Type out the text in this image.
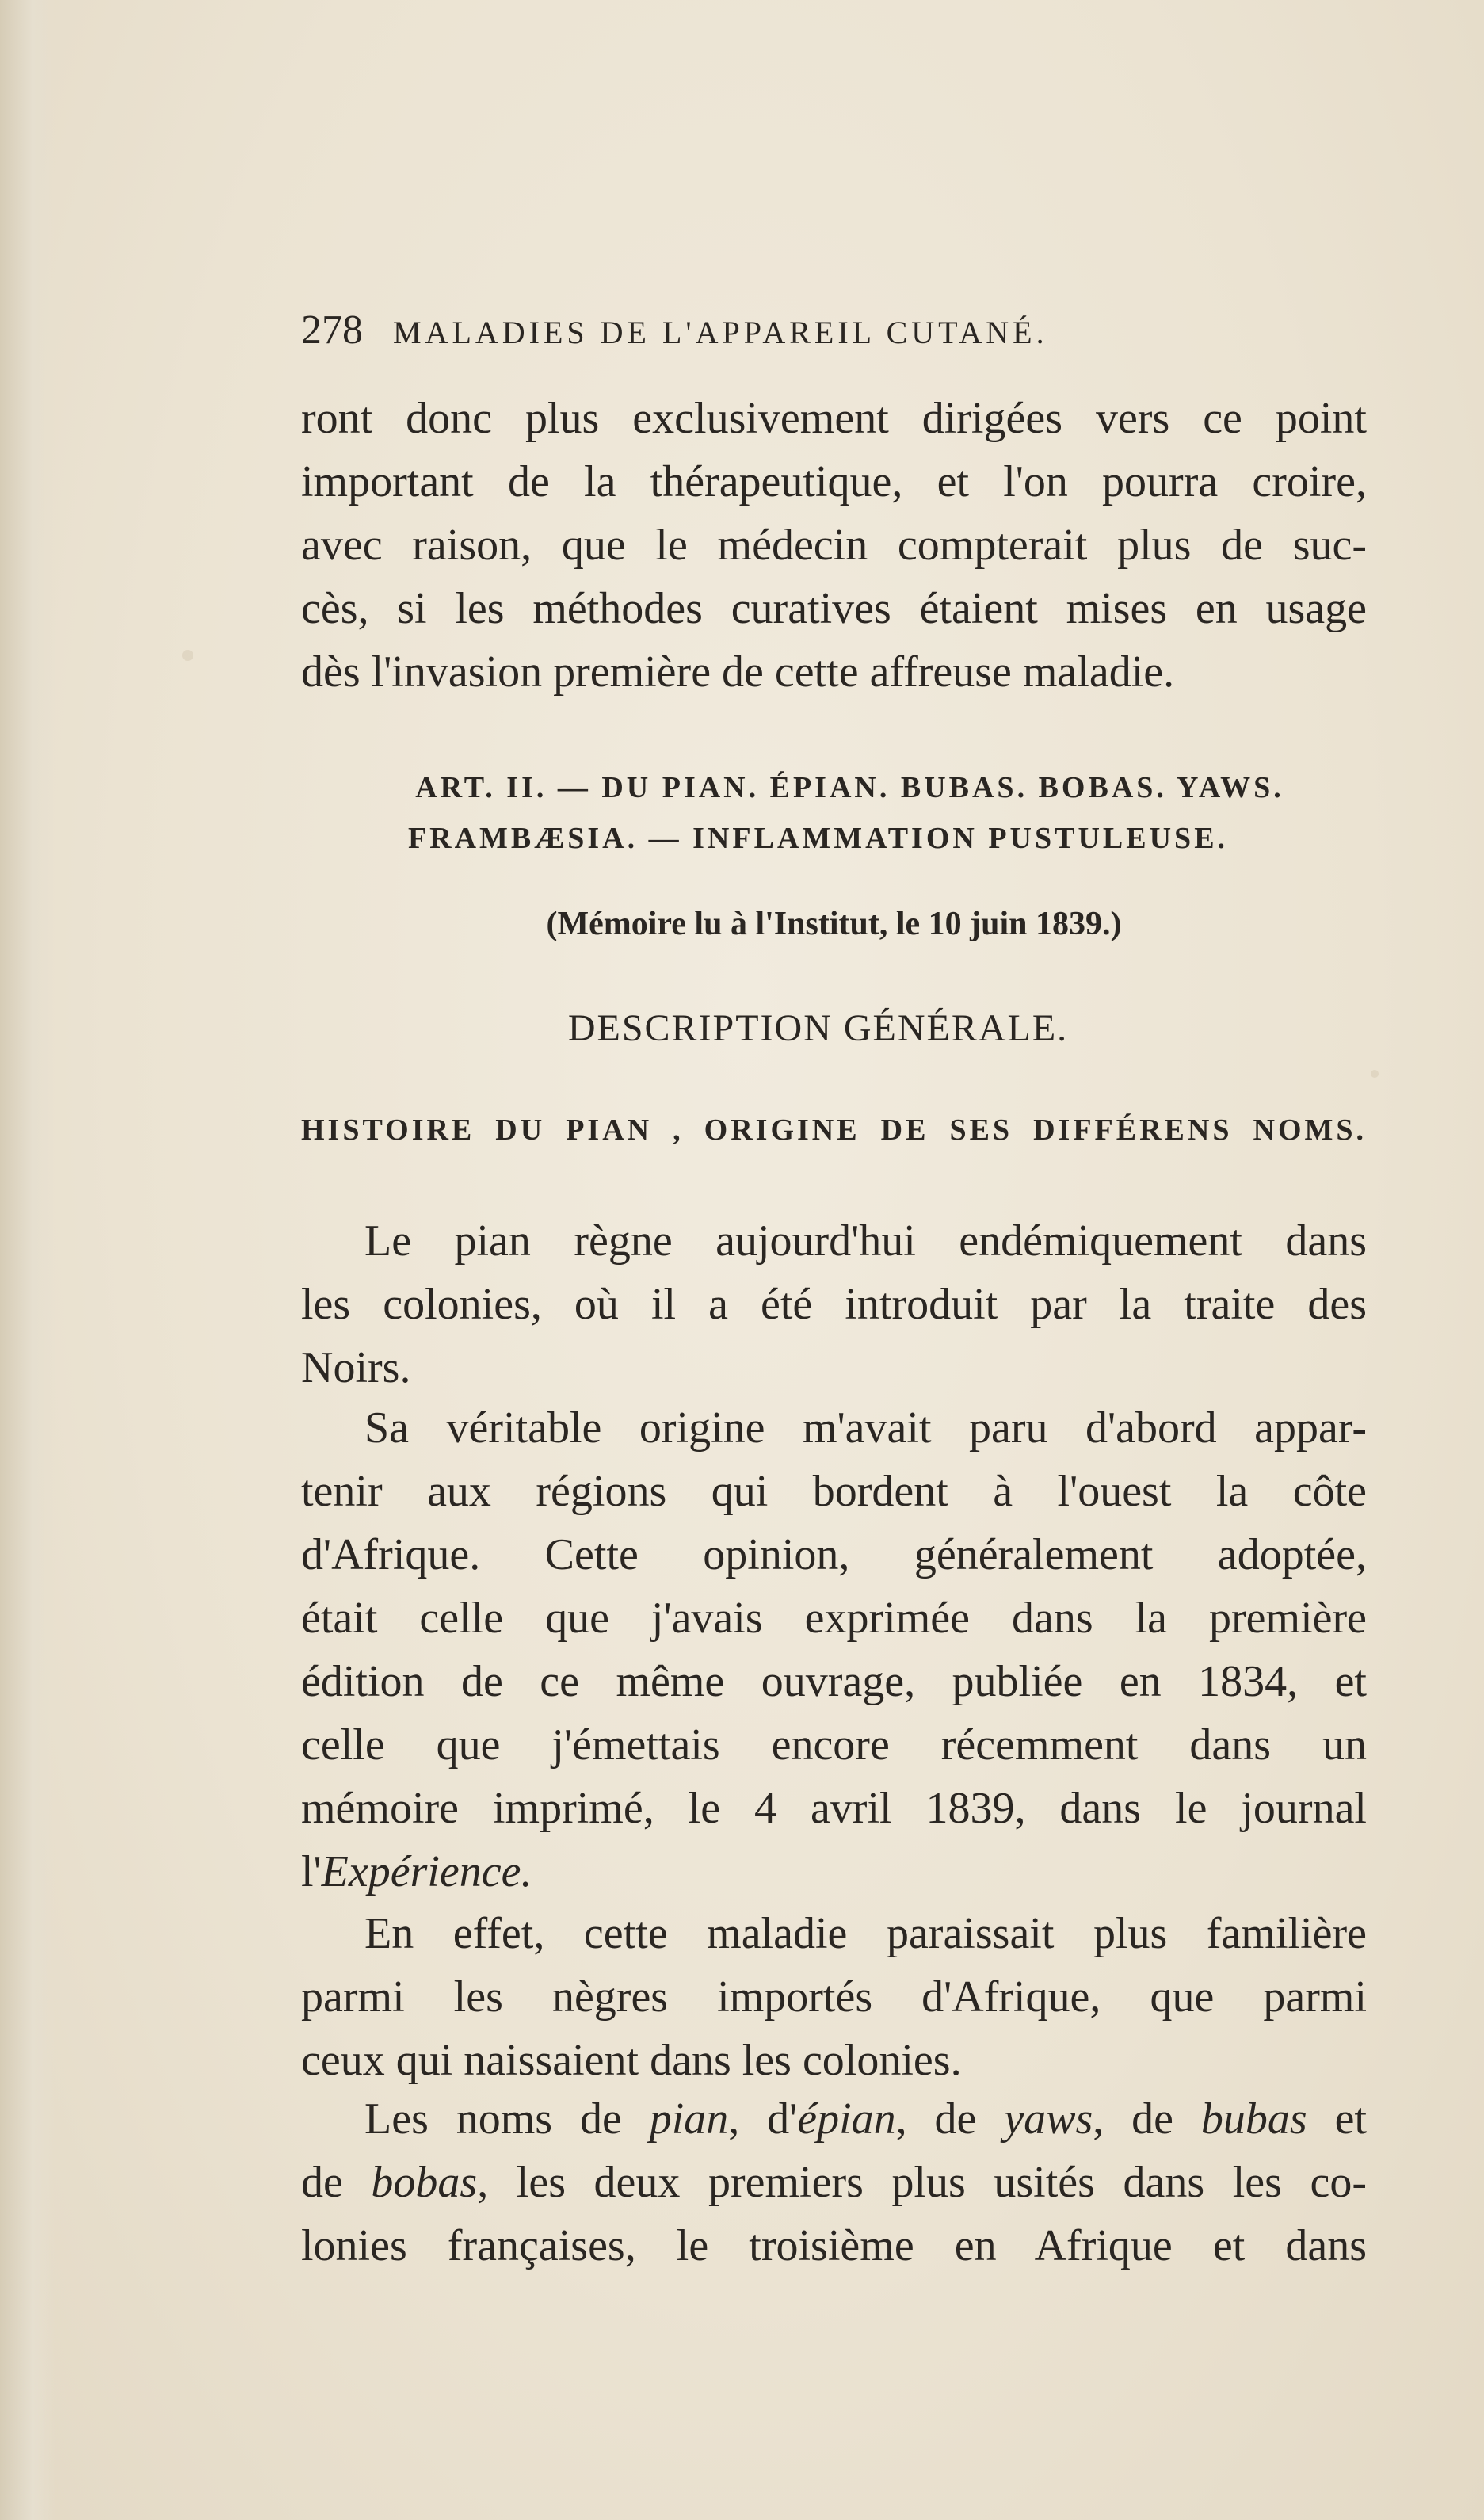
278 MALADIES DE L'APPAREIL CUTANÉ.
ront donc plus exclusivement dirigées vers ce point
important de la thérapeutique, et l'on pourra croire,
avec raison, que le médecin compterait plus de suc-
cès, si les méthodes curatives étaient mises en usage
dès l'invasion première de cette affreuse maladie.
ART. II. — DU PIAN. ÉPIAN. BUBAS. BOBAS. YAWS.
FRAMBÆSIA. — INFLAMMATION PUSTULEUSE.
(Mémoire lu à l'Institut, le 10 juin 1839.)
DESCRIPTION GÉNÉRALE.
HISTOIRE DU PIAN , ORIGINE DE SES DIFFÉRENS NOMS.
Le pian règne aujourd'hui endémiquement dans
les colonies, où il a été introduit par la traite des
Noirs.
Sa véritable origine m'avait paru d'abord appar-
tenir aux régions qui bordent à l'ouest la côte
d'Afrique. Cette opinion, généralement adoptée,
était celle que j'avais exprimée dans la première
édition de ce même ouvrage, publiée en 1834, et
celle que j'émettais encore récemment dans un
mémoire imprimé, le 4 avril 1839, dans le journal
l'Expérience.
En effet, cette maladie paraissait plus familière
parmi les nègres importés d'Afrique, que parmi
ceux qui naissaient dans les colonies.
Les noms de pian, d'épian, de yaws, de bubas et
de bobas, les deux premiers plus usités dans les co-
lonies françaises, le troisième en Afrique et dans
